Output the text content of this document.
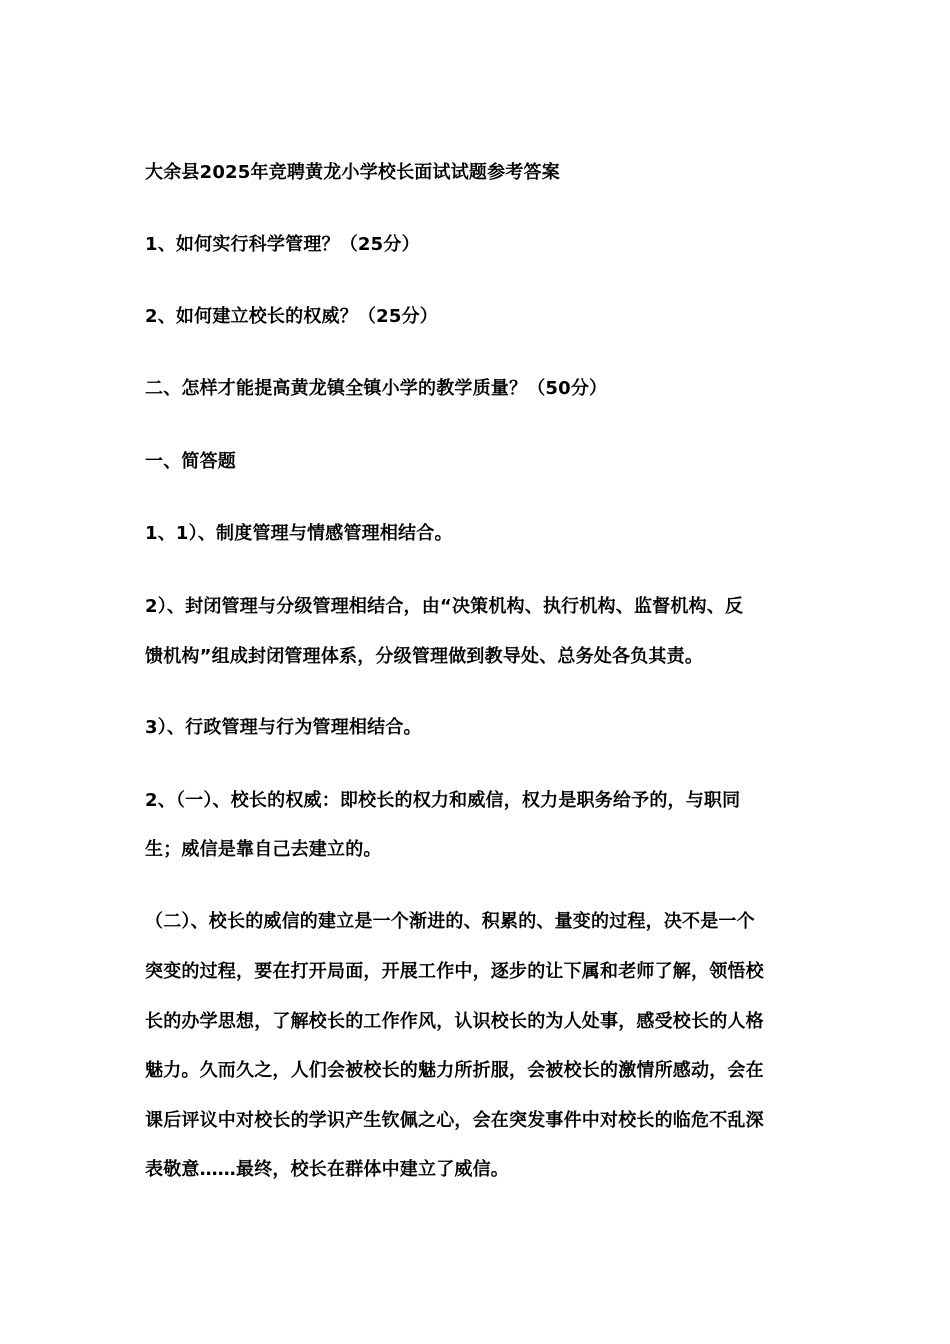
大余县2025年竞聘黄龙小学校长面试试题参考答案
1、如何实行科学管理？（25分）
2、如何建立校长的权威？（25分）
二、怎样才能提高黄龙镇全镇小学的教学质量？（50分）
一、简答题
1、1）、制度管理与情感管理相结合。
2）、封闭管理与分级管理相结合，由“决策机构、执行机构、监督机构、反
馈机构”组成封闭管理体系，分级管理做到教导处、总务处各负其责。
3）、行政管理与行为管理相结合。
2、（一）、校长的权威：即校长的权力和威信，权力是职务给予的，与职同
生；威信是靠自己去建立的。
（二）、校长的威信的建立是一个渐进的、积累的、量变的过程，决不是一个
突变的过程，要在打开局面，开展工作中，逐步的让下属和老师了解，领悟校
长的办学思想，了解校长的工作作风，认识校长的为人处事，感受校长的人格
魅力。久而久之，人们会被校长的魅力所折服，会被校长的激情所感动，会在
课后评议中对校长的学识产生钦佩之心，会在突发事件中对校长的临危不乱深
表敬意……最终，校长在群体中建立了威信。
